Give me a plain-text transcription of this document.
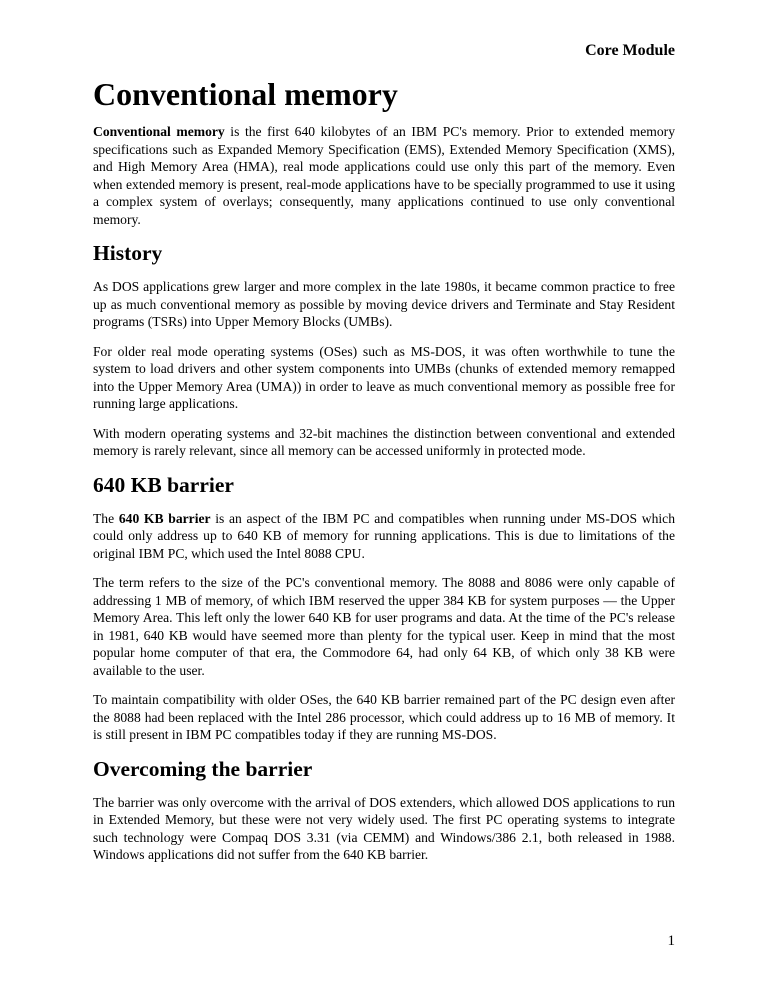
Core Module
Conventional memory

Conventional memory is the first 640 kilobytes of an IBM PC's memory. Prior to extended memory specifications such as Expanded Memory Specification (EMS), Extended Memory Specification (XMS), and High Memory Area (HMA), real mode applications could use only this part of the memory. Even when extended memory is present, real-mode applications have to be specially programmed to use it using a complex system of overlays; consequently, many applications continued to use only conventional memory.

History

As DOS applications grew larger and more complex in the late 1980s, it became common practice to free up as much conventional memory as possible by moving device drivers and Terminate and Stay Resident programs (TSRs) into Upper Memory Blocks (UMBs).

For older real mode operating systems (OSes) such as MS-DOS, it was often worthwhile to tune the system to load drivers and other system components into UMBs (chunks of extended memory remapped into the Upper Memory Area (UMA)) in order to leave as much conventional memory as possible free for running large applications.

With modern operating systems and 32-bit machines the distinction between conventional and extended memory is rarely relevant, since all memory can be accessed uniformly in protected mode.

640 KB barrier

The 640 KB barrier is an aspect of the IBM PC and compatibles when running under MS-DOS which could only address up to 640 KB of memory for running applications. This is due to limitations of the original IBM PC, which used the Intel 8088 CPU.

The term refers to the size of the PC's conventional memory. The 8088 and 8086 were only capable of addressing 1 MB of memory, of which IBM reserved the upper 384 KB for system purposes — the Upper Memory Area. This left only the lower 640 KB for user programs and data. At the time of the PC's release in 1981, 640 KB would have seemed more than plenty for the typical user. Keep in mind that the most popular home computer of that era, the Commodore 64, had only 64 KB, of which only 38 KB were available to the user.

To maintain compatibility with older OSes, the 640 KB barrier remained part of the PC design even after the 8088 had been replaced with the Intel 286 processor, which could address up to 16 MB of memory. It is still present in IBM PC compatibles today if they are running MS-DOS.

Overcoming the barrier

The barrier was only overcome with the arrival of DOS extenders, which allowed DOS applications to run in Extended Memory, but these were not very widely used. The first PC operating systems to integrate such technology were Compaq DOS 3.31 (via CEMM) and Windows/386 2.1, both released in 1988. Windows applications did not suffer from the 640 KB barrier.

1
